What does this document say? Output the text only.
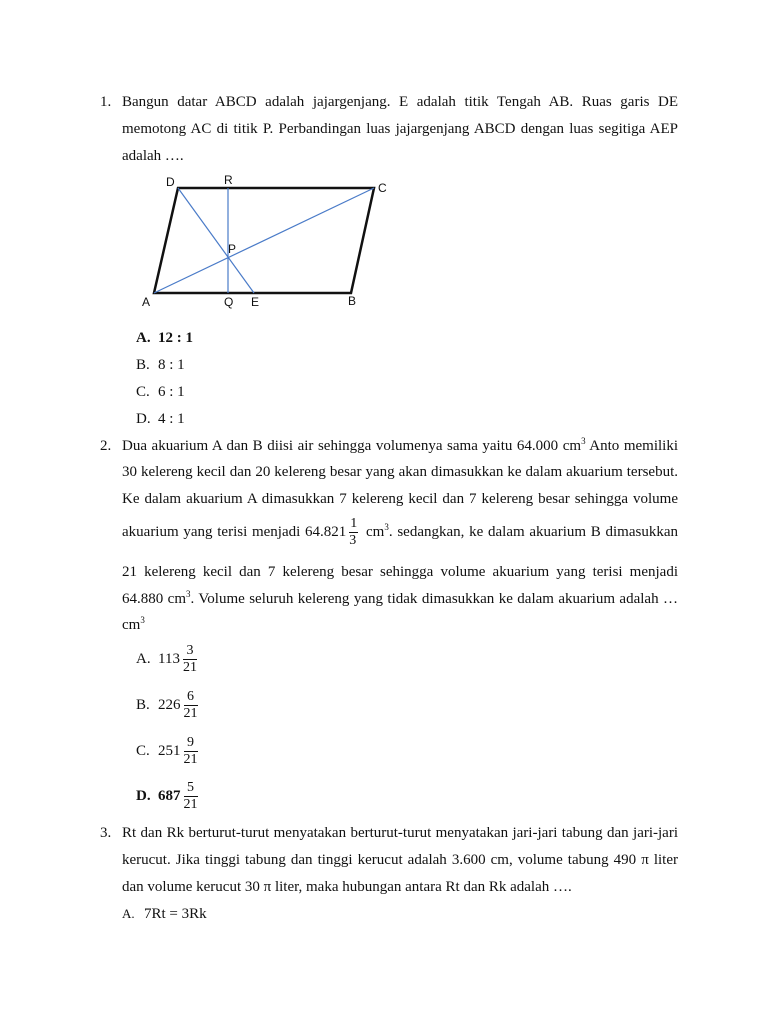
1. Bangun datar ABCD adalah jajargenjang. E adalah titik Tengah AB. Ruas garis DE
memotong AC di titik P. Perbandingan luas jajargenjang ABCD dengan luas segitiga AEP
adalah ….
D	R
C
P
A	Q E	B
A. 12 : 1
B. 8 : 1
C. 6 : 1
D. 4 : 1
2. Dua akuarium A dan B diisi air sehingga volumenya sama yaitu 64.000 $cm^3$ Anto memiliki
30 kelereng kecil dan 20 kelereng besar yang akan dimasukkan ke dalam akuarium tersebut.
Ke dalam akuarium A dimasukkan 7 kelereng kecil dan 7 kelereng besar sehingga volume
akuarium yang terisi menjadi $64.821 \frac{1}{3} cm^3$. sedangkan, ke dalam akuarium B dimasukkan
21 kelereng kecil dan 7 kelereng besar sehingga volume akuarium yang terisi menjadi
64.880 $cm^3$. Volume seluruh kelereng yang tidak dimasukkan ke dalam akuarium adalah …
$cm^3$
A. $113 \frac{3}{21}$
B. $226 \frac{6}{21}$
C. $251 \frac{9}{21}$
D. $687 \frac{5}{21}$
3. Rt dan Rk berturut-turut menyatakan berturut-turut menyatakan jari-jari tabung dan jari-jari
kerucut. Jika tinggi tabung dan tinggi kerucut adalah 3.600 cm, volume tabung 490 π liter
dan volume kerucut 30 π liter, maka hubungan antara Rt dan Rk adalah ….
A. 7Rt = 3Rk
